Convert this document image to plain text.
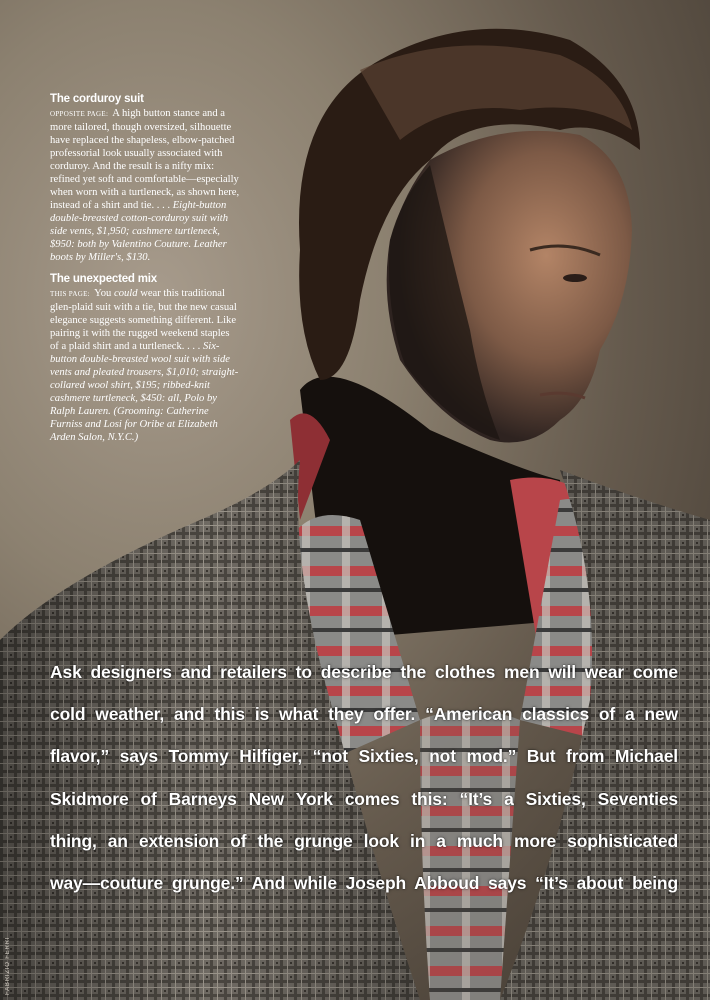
The corduroy suit

OPPOSITE PAGE: A high button stance and a more tailored, though oversized, silhouette have replaced the shapeless, elbow-patched professorial look usually associated with corduroy. And the result is a nifty mix: refined yet soft and comfortable—especially when worn with a turtleneck, as shown here, instead of a shirt and tie. . . . Eight-button double-breasted cotton-corduroy suit with side vents, $1,950; cashmere turtleneck, $950: both by Valentino Couture. Leather boots by Miller's, $130.

The unexpected mix

THIS PAGE: You could wear this traditional glen-plaid suit with a tie, but the new casual elegance suggests something different. Like pairing it with the rugged weekend staples of a plaid shirt and a turtleneck. . . . Six-button double-breasted wool suit with side vents and pleated trousers, $1,010; straight-collared wool shirt, $195; ribbed-knit cashmere turtleneck, $450: all, Polo by Ralph Lauren. (Grooming: Catherine Furniss and Losi for Oribe at Elizabeth Arden Salon, N.Y.C.)

Ask designers and retailers to describe the clothes men will wear come
cold weather, and this is what they offer. “American classics of a new
flavor,” says Tommy Hilfiger, “not Sixties, not mod.” But from Michael
Skidmore of Barneys New York comes this: “It’s a Sixties, Seventies
thing, an extension of the grunge look in a much more sophisticated
way—couture grunge.” And while Joseph Abboud says “It’s about being
FABRIZIO FERRI
